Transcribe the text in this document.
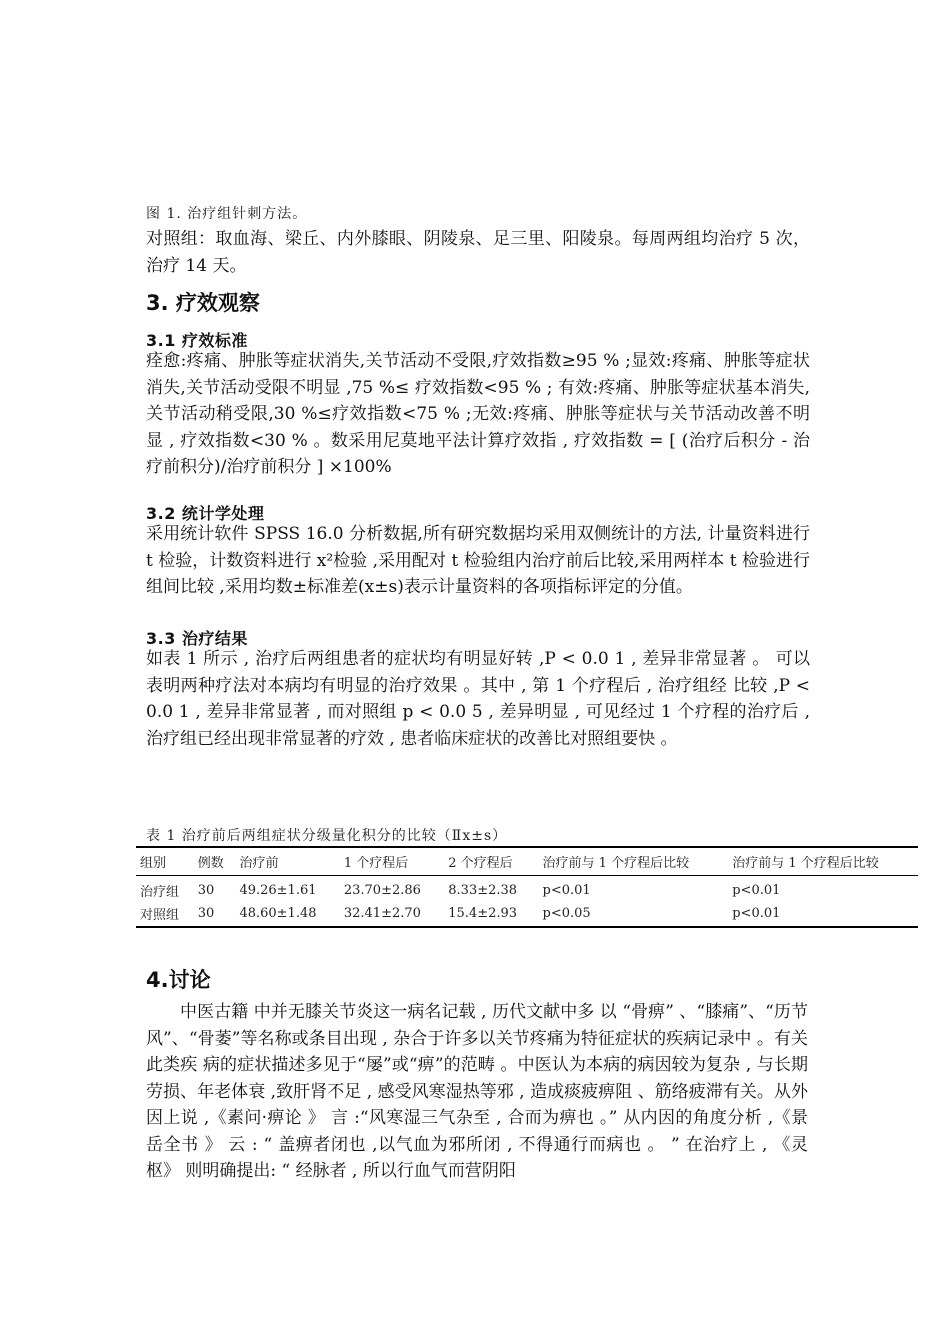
图 1. 治疗组针刺方法。
对照组：取血海、梁丘、内外膝眼、阴陵泉、足三里、阳陵泉。每周两组均治疗 5 次，治疗 14 天。
3. 疗效观察
3.1 疗效标准
痊愈:疼痛、肿胀等症状消失,关节活动不受限,疗效指数≥95 % ;显效:疼痛、肿胀等症状消失,关节活动受限不明显 ,75 %≤ 疗效指数<95 % ; 有效:疼痛、肿胀等症状基本消失, 关节活动稍受限,30 %≤疗效指数<75 % ;无效:疼痛、肿胀等症状与关节活动改善不明显 , 疗效指数<30 % 。数采用尼莫地平法计算疗效指 , 疗效指数 = [ (治疗后积分 - 治疗前积分)/治疗前积分 ] ×100%
3.2 统计学处理
采用统计软件 SPSS 16.0 分析数据,所有研究数据均采用双侧统计的方法, 计量资料进行 t 检验，计数资料进行 x²检验 ,采用配对 t 检验组内治疗前后比较,采用两样本 t 检验进行组间比较 ,采用均数±标准差(x±s)表示计量资料的各项指标评定的分值。
3.3 治疗结果
如表 1 所示 , 治疗后两组患者的症状均有明显好转 ,P < 0.0 1 , 差异非常显著 。 可以表明两种疗法对本病均有明显的治疗效果 。其中 , 第 1 个疗程后 , 治疗组经 比较 ,P < 0.0 1 , 差异非常显著 , 而对照组 p < 0.0 5 , 差异明显 , 可见经过 1 个疗程的治疗后 , 治疗组已经出现非常显著的疗效 , 患者临床症状的改善比对照组要快 。
表 1 治疗前后两组症状分级量化积分的比较（Ⅱx±s）
组别	例数	治疗前	1 个疗程后	2 个疗程后	治疗前与 1 个疗程后比较	治疗前与 1 个疗程后比较
治疗组	30	49.26±1.61	23.70±2.86	8.33±2.38	p<0.01	p<0.01
对照组	30	48.60±1.48	32.41±2.70	15.4±2.93	p<0.05	p<0.01
4.讨论
中医古籍 中并无膝关节炎这一病名记载 , 历代文献中多 以 “骨痹” 、“膝痛”、“历节风”、“骨萎”等名称或条目出现 , 杂合于许多以关节疼痛为特征症状的疾病记录中 。有关此类疾 病的症状描述多见于“屡”或“痹”的范畴 。中医认为本病的病因较为复杂 , 与长期劳损、年老体衰 ,致肝肾不足 , 感受风寒湿热等邪 , 造成痰疲痹阻 、筋络疲滞有关。从外因上说 ,《素问·痹论 》 言 :“风寒湿三气杂至 , 合而为痹也 。” 从内因的角度分析 ,《景岳全书 》 云 : “ 盖痹者闭也 ,以气血为邪所闭 , 不得通行而病也 。 ” 在治疗上 , 《灵枢》 则明确提出: “ 经脉者 , 所以行血气而营阴阳
